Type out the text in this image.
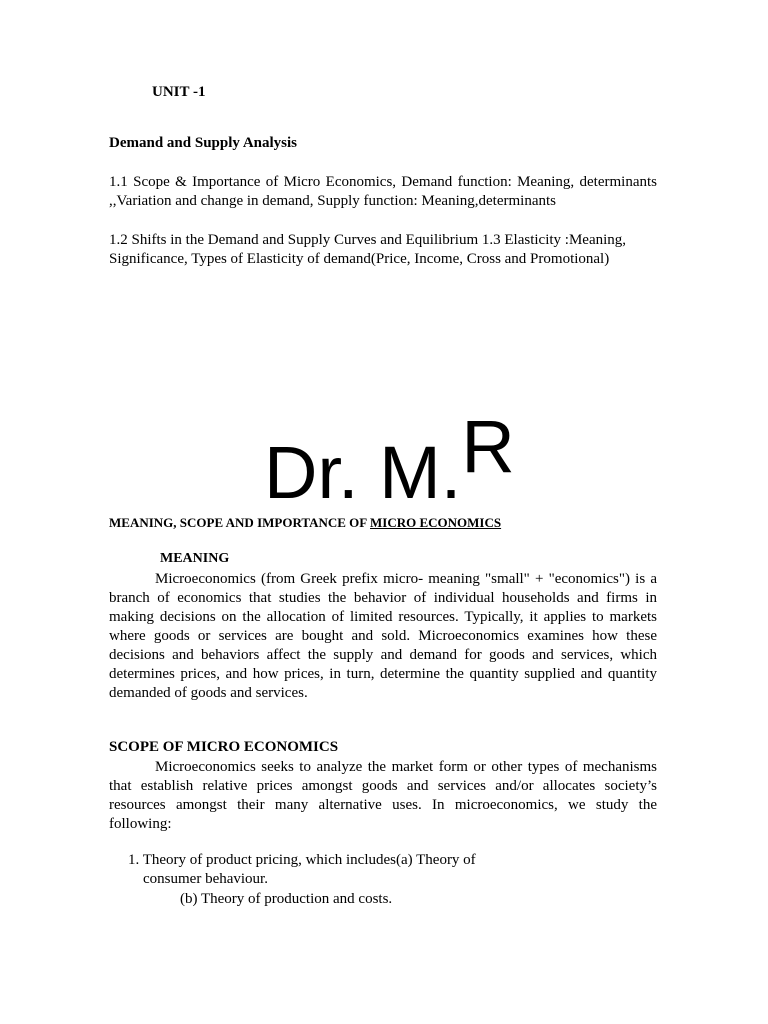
UNIT -1

Demand and Supply Analysis

1.1 Scope & Importance of Micro Economics, Demand function: Meaning, determinants ,,Variation and change in demand, Supply function: Meaning,determinants

1.2 Shifts in the Demand and Supply Curves and Equilibrium 1.3 Elasticity :Meaning, Significance, Types of Elasticity of demand(Price, Income, Cross and Promotional)

Dr. M.R

MEANING, SCOPE AND IMPORTANCE OF MICRO ECONOMICS

MEANING

Microeconomics (from Greek prefix micro- meaning "small" + "economics") is a branch of economics that studies the behavior of individual households and firms in making decisions on the allocation of limited resources. Typically, it applies to markets where goods or services are bought and sold. Microeconomics examines how these decisions and behaviors affect the supply and demand for goods and services, which determines prices, and how prices, in turn, determine the quantity supplied and quantity demanded of goods and services.

SCOPE OF MICRO ECONOMICS

Microeconomics seeks to analyze the market form or other types of mechanisms that establish relative prices amongst goods and services and/or allocates society’s resources amongst their many alternative uses. In microeconomics, we study the following:

1. Theory of product pricing, which includes(a) Theory of
consumer behaviour.

(b) Theory of production and costs.
